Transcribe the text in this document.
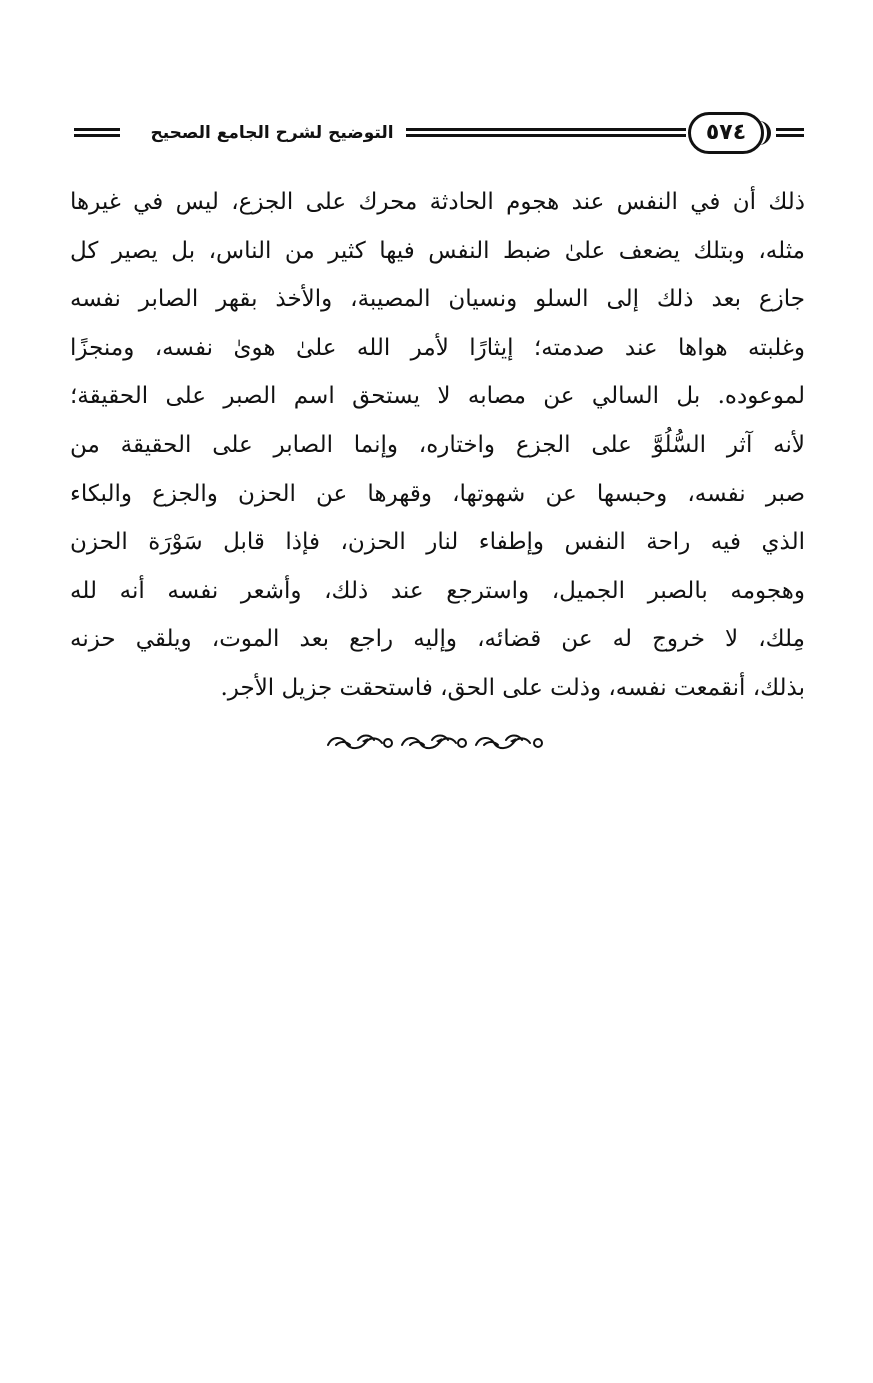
التوضيح لشرح الجامع الصحيح	٥٧٤
ذلك أن في النفس عند هجوم الحادثة محرك على الجزع، ليس في غيرها
مثله، وبتلك يضعف علىٰ ضبط النفس فيها كثير من الناس، بل يصير كل
جازع بعد ذلك إلى السلو ونسيان المصيبة، والأخذ بقهر الصابر نفسه
وغلبته هواها عند صدمته؛ إيثارًا لأمر الله علىٰ هوىٰ نفسه، ومنجزًا
لموعوده. بل السالي عن مصابه لا يستحق اسم الصبر على الحقيقة؛
لأنه آثر السُّلُوَّ على الجزع واختاره، وإنما الصابر على الحقيقة من
صبر نفسه، وحبسها عن شهوتها، وقهرها عن الحزن والجزع والبكاء
الذي فيه راحة النفس وإطفاء لنار الحزن، فإذا قابل سَوْرَة الحزن
وهجومه بالصبر الجميل، واسترجع عند ذلك، وأشعر نفسه أنه لله
مِلك، لا خروج له عن قضائه، وإليه راجع بعد الموت، ويلقي حزنه
بذلك، أنقمعت نفسه، وذلت على الحق، فاستحقت جزيل الأجر.
